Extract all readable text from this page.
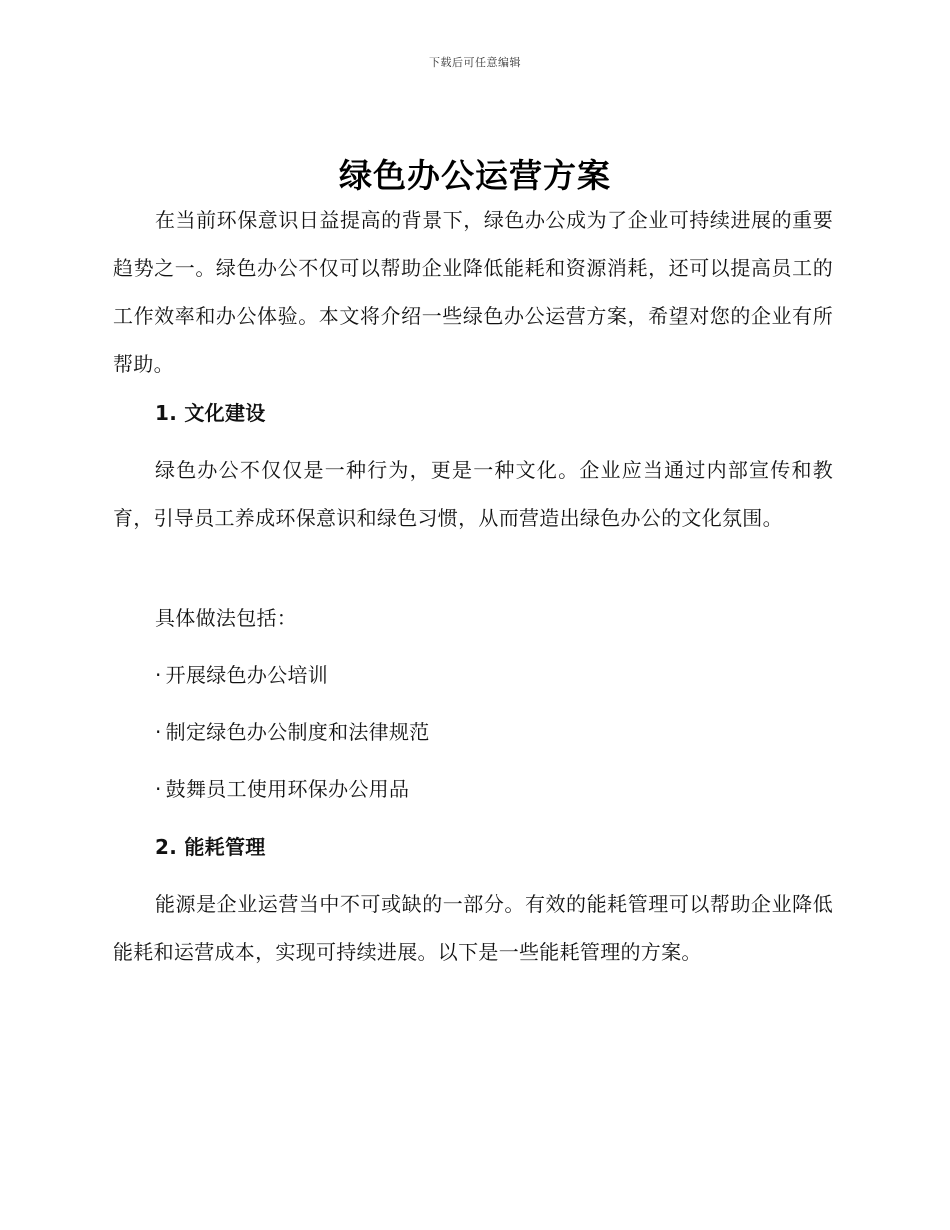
下载后可任意编辑
绿色办公运营方案

在当前环保意识日益提高的背景下，绿色办公成为了企业可持续进展的重要趋势之一。绿色办公不仅可以帮助企业降低能耗和资源消耗，还可以提高员工的工作效率和办公体验。本文将介绍一些绿色办公运营方案，希望对您的企业有所帮助。

1. 文化建设

绿色办公不仅仅是一种行为，更是一种文化。企业应当通过内部宣传和教育，引导员工养成环保意识和绿色习惯，从而营造出绿色办公的文化氛围。

具体做法包括：

· 开展绿色办公培训

· 制定绿色办公制度和法律规范

· 鼓舞员工使用环保办公用品

2. 能耗管理

能源是企业运营当中不可或缺的一部分。有效的能耗管理可以帮助企业降低能耗和运营成本，实现可持续进展。以下是一些能耗管理的方案。
